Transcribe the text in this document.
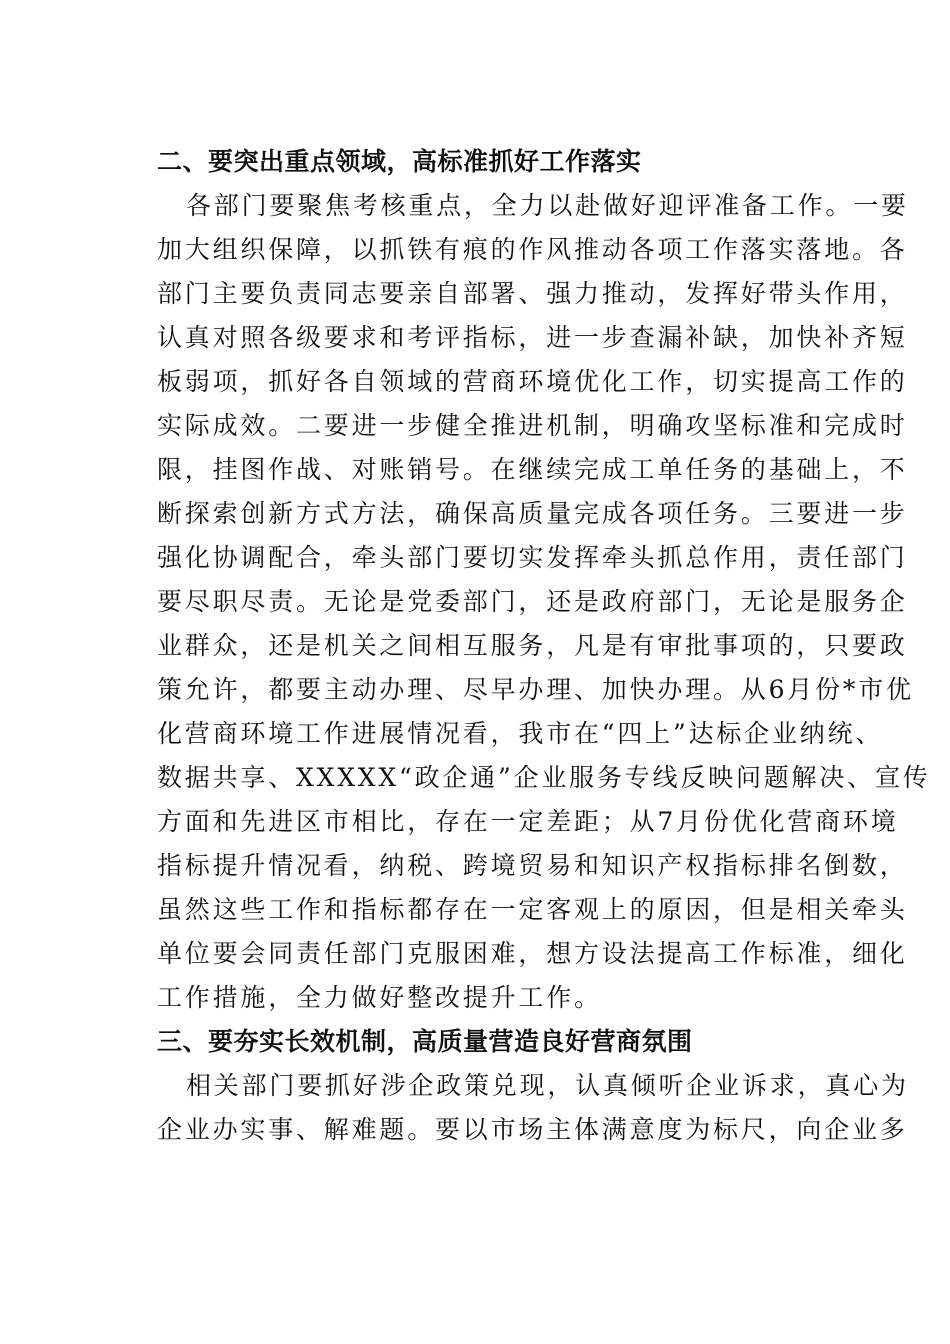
二、要突出重点领域，高标准抓好工作落实
各部门要聚焦考核重点，全力以赴做好迎评准备工作。一要
加大组织保障，以抓铁有痕的作风推动各项工作落实落地。各
部门主要负责同志要亲自部署、强力推动，发挥好带头作用，
认真对照各级要求和考评指标，进一步查漏补缺，加快补齐短
板弱项，抓好各自领域的营商环境优化工作，切实提高工作的
实际成效。二要进一步健全推进机制，明确攻坚标准和完成时
限，挂图作战、对账销号。在继续完成工单任务的基础上，不
断探索创新方式方法，确保高质量完成各项任务。三要进一步
强化协调配合，牵头部门要切实发挥牵头抓总作用，责任部门
要尽职尽责。无论是党委部门，还是政府部门，无论是服务企
业群众，还是机关之间相互服务，凡是有审批事项的，只要政
策允许，都要主动办理、尽早办理、加快办理。从6月份*市优
化营商环境工作进展情况看，我市在“四上”达标企业纳统、
数据共享、XXXXX“政企通”企业服务专线反映问题解决、宣传
方面和先进区市相比，存在一定差距；从7月份优化营商环境
指标提升情况看，纳税、跨境贸易和知识产权指标排名倒数，
虽然这些工作和指标都存在一定客观上的原因，但是相关牵头
单位要会同责任部门克服困难，想方设法提高工作标准，细化
工作措施，全力做好整改提升工作。
三、要夯实长效机制，高质量营造良好营商氛围
相关部门要抓好涉企政策兑现，认真倾听企业诉求，真心为
企业办实事、解难题。要以市场主体满意度为标尺，向企业多
